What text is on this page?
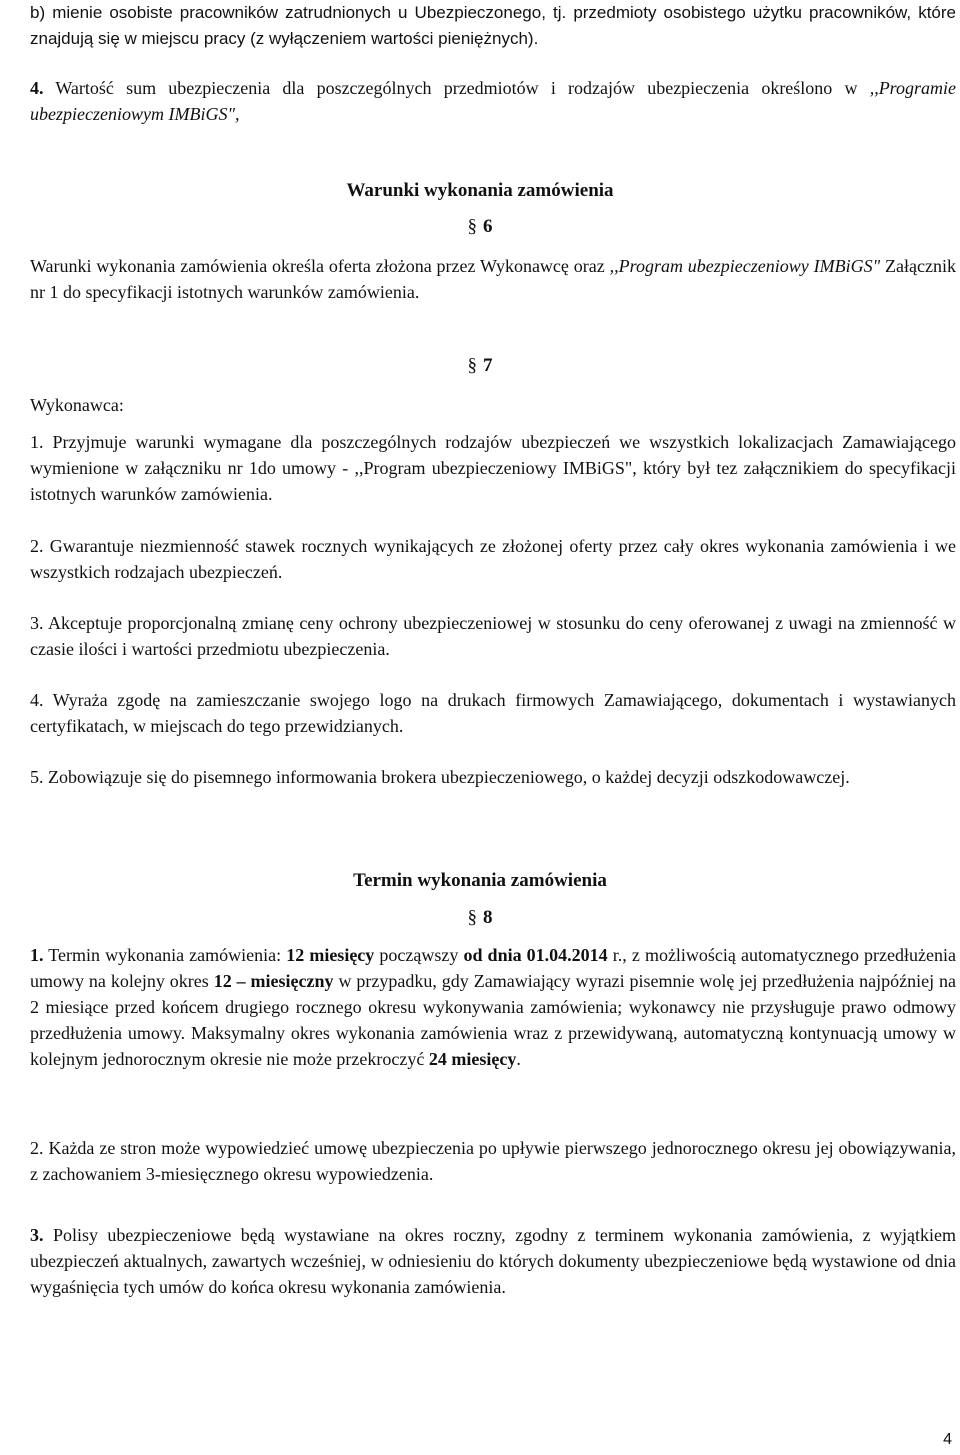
b) mienie osobiste pracowników zatrudnionych u Ubezpieczonego, tj. przedmioty osobistego użytku pracowników, które znajdują się w miejscu pracy (z wyłączeniem wartości pieniężnych).

4. Wartość sum ubezpieczenia dla poszczególnych przedmiotów i rodzajów ubezpieczenia określono w ,,Programie ubezpieczeniowym IMBiGS",

Warunki wykonania zamówienia
§ 6

Warunki wykonania zamówienia określa oferta złożona przez Wykonawcę oraz ,,Program ubezpieczeniowy IMBiGS" Załącznik nr 1 do specyfikacji istotnych warunków zamówienia.

§ 7

Wykonawca:

1. Przyjmuje warunki wymagane dla poszczególnych rodzajów ubezpieczeń we wszystkich lokalizacjach Zamawiającego wymienione w załączniku nr 1do umowy - ,,Program ubezpieczeniowy IMBiGS", który był tez załącznikiem do specyfikacji istotnych warunków zamówienia.

2. Gwarantuje niezmienność stawek rocznych wynikających ze złożonej oferty przez cały okres wykonania zamówienia i we wszystkich rodzajach ubezpieczeń.

3. Akceptuje proporcjonalną zmianę ceny ochrony ubezpieczeniowej w stosunku do ceny oferowanej z uwagi na zmienność w czasie ilości i wartości przedmiotu ubezpieczenia.

4. Wyraża zgodę na zamieszczanie swojego logo na drukach firmowych Zamawiającego, dokumentach i wystawianych certyfikatach, w miejscach do tego przewidzianych.

5. Zobowiązuje się do pisemnego informowania brokera ubezpieczeniowego, o każdej decyzji odszkodowawczej.

Termin wykonania zamówienia
§ 8

1. Termin wykonania zamówienia: 12 miesięcy począwszy od dnia 01.04.2014 r., z możliwością automatycznego przedłużenia umowy na kolejny okres 12 – miesięczny w przypadku, gdy Zamawiający wyrazi pisemnie wolę jej przedłużenia najpóźniej na 2 miesiące przed końcem drugiego rocznego okresu wykonywania zamówienia; wykonawcy nie przysługuje prawo odmowy przedłużenia umowy. Maksymalny okres wykonania zamówienia wraz z przewidywaną, automatyczną kontynuacją umowy w kolejnym jednorocznym okresie nie może przekroczyć 24 miesięcy.

2. Każda ze stron może wypowiedzieć umowę ubezpieczenia po upływie pierwszego jednorocznego okresu jej obowiązywania, z zachowaniem 3-miesięcznego okresu wypowiedzenia.

3. Polisy ubezpieczeniowe będą wystawiane na okres roczny, zgodny z terminem wykonania zamówienia, z wyjątkiem ubezpieczeń aktualnych, zawartych wcześniej, w odniesieniu do których dokumenty ubezpieczeniowe będą wystawione od dnia wygaśnięcia tych umów do końca okresu wykonania zamówienia.

4
